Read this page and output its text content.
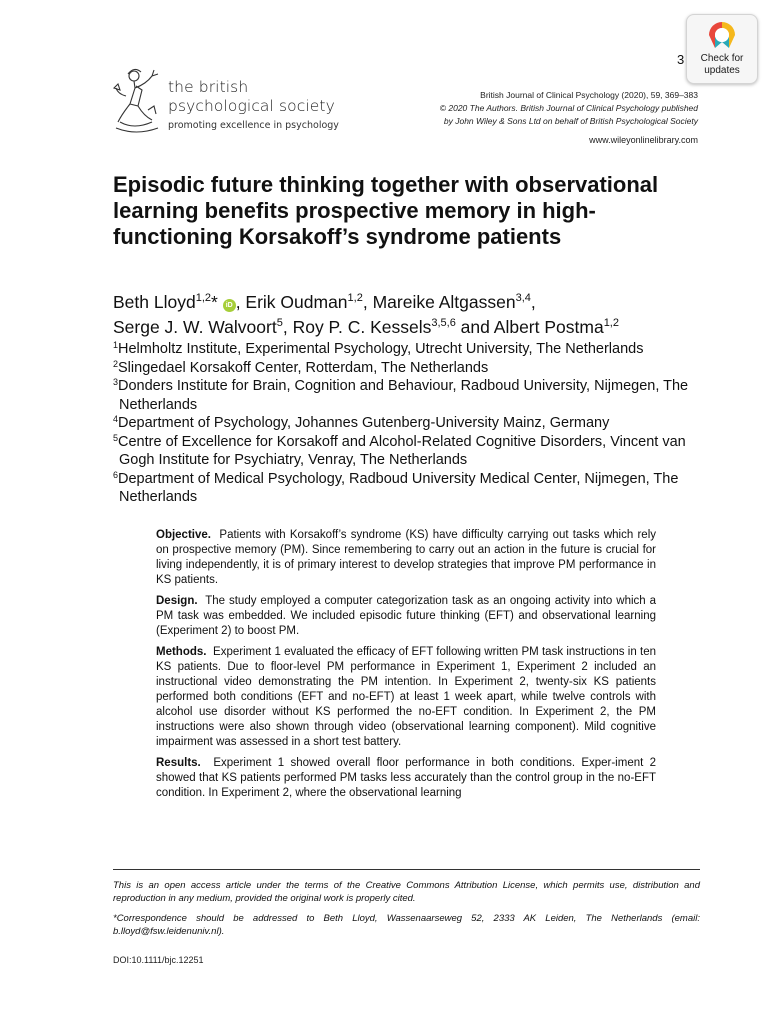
3	Check for
updates
the british
psychological society
promoting excellence in psychology
British Journal of Clinical Psychology (2020), 59, 369–383
© 2020 The Authors. British Journal of Clinical Psychology published
by John Wiley & Sons Ltd on behalf of British Psychological Society
www.wileyonlinelibrary.com
Episodic future thinking together with observational learning benefits prospective memory in high-functioning Korsakoff’s syndrome patients
Beth Lloyd$^{1,2}$* iD , Erik Oudman$^{1,2}$, Mareike Altgassen$^{3,4}$,
Serge J. W. Walvoort$^5$, Roy P. C. Kessels$^{3,5,6}$ and Albert Postma$^{1,2}$
$^1$Helmholtz Institute, Experimental Psychology, Utrecht University, The Netherlands
$^2$Slingedael Korsakoff Center, Rotterdam, The Netherlands
$^3$Donders Institute for Brain, Cognition and Behaviour, Radboud University, Nijmegen, The Netherlands
$^4$Department of Psychology, Johannes Gutenberg-University Mainz, Germany
$^5$Centre of Excellence for Korsakoff and Alcohol-Related Cognitive Disorders, Vincent van Gogh Institute for Psychiatry, Venray, The Netherlands
$^6$Department of Medical Psychology, Radboud University Medical Center, Nijmegen, The Netherlands

Objective. Patients with Korsakoff’s syndrome (KS) have difficulty carrying out tasks which rely on prospective memory (PM). Since remembering to carry out an action in the future is crucial for living independently, it is of primary interest to develop strategies that improve PM performance in KS patients.

Design. The study employed a computer categorization task as an ongoing activity into which a PM task was embedded. We included episodic future thinking (EFT) and observational learning (Experiment 2) to boost PM.

Methods. Experiment 1 evaluated the efficacy of EFT following written PM task instructions in ten KS patients. Due to floor-level PM performance in Experiment 1, Experiment 2 included an instructional video demonstrating the PM intention. In Experiment 2, twenty-six KS patients performed both conditions (EFT and no-EFT) at least 1 week apart, while twelve controls with alcohol use disorder without KS performed the no-EFT condition. In Experiment 2, the PM instructions were also shown through video (observational learning component). Mild cognitive impairment was assessed in a short test battery.

Results. Experiment 1 showed overall floor performance in both conditions. Exper-iment 2 showed that KS patients performed PM tasks less accurately than the control group in the no-EFT condition. In Experiment 2, where the observational learning

This is an open access article under the terms of the Creative Commons Attribution License, which permits use, distribution and reproduction in any medium, provided the original work is properly cited.

*Correspondence should be addressed to Beth Lloyd, Wassenaarseweg 52, 2333 AK Leiden, The Netherlands (email: b.lloyd@fsw.leidenuniv.nl).

DOI:10.1111/bjc.12251
